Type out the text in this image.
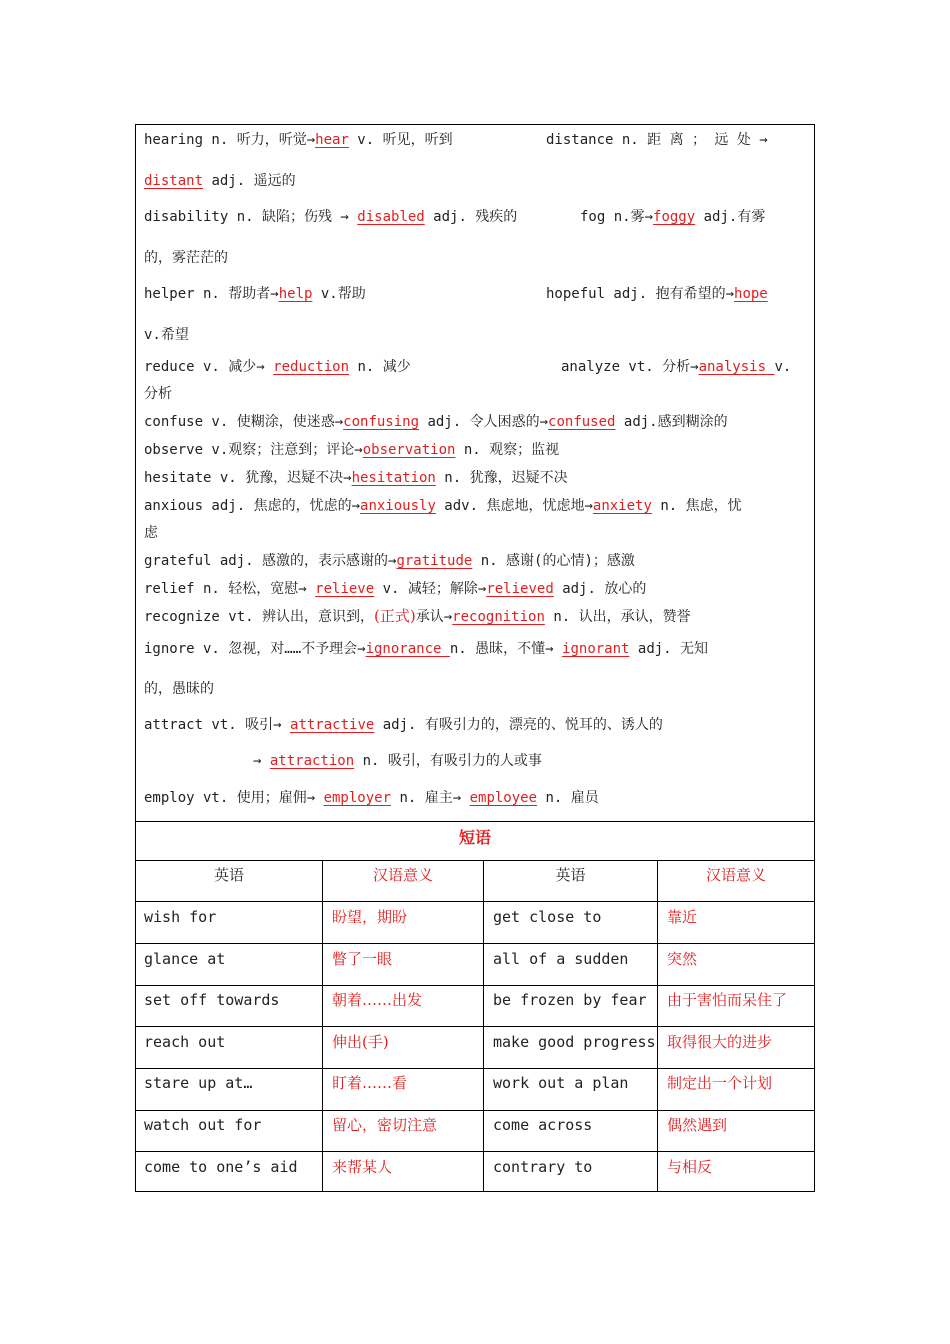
hearing n. 听力，听觉→hear v. 听见，听到	distance n. 距 离 ； 远 处 →
distant adj. 遥远的
disability n. 缺陷；伤残 → disabled adj. 残疾的	fog n.雾→foggy adj.有雾
的，雾茫茫的
helper n. 帮助者→help v.帮助	hopeful adj. 抱有希望的→hope
v.希望
reduce v. 减少→ reduction n. 减少	analyze vt. 分析→analysis v.
分析
confuse v. 使糊涂，使迷惑→confusing adj. 令人困惑的→confused adj.感到糊涂的
observe v.观察；注意到；评论→observation n. 观察；监视
hesitate v. 犹豫，迟疑不决→hesitation n. 犹豫，迟疑不决
anxious adj. 焦虑的，忧虑的→anxiously adv. 焦虑地，忧虑地→anxiety n. 焦虑，忧
虑
grateful adj. 感激的，表示感谢的→gratitude n. 感谢(的心情)；感激
relief n. 轻松，宽慰→ relieve v. 减轻；解除→relieved adj. 放心的
recognize vt. 辨认出，意识到，(正式)承认→recognition n. 认出，承认，赞誉
ignore v. 忽视，对……不予理会→ignorance n. 愚昧，不懂→ ignorant adj. 无知
的，愚昧的
attract vt. 吸引→ attractive adj. 有吸引力的，漂亮的、悦耳的、诱人的
→ attraction n. 吸引，有吸引力的人或事
employ vt. 使用；雇佣→ employer n. 雇主→ employee n. 雇员
短语
英语	汉语意义	英语	汉语意义
wish for	盼望，期盼	get close to	靠近
glance at	瞥了一眼	all of a sudden	突然
set off towards	朝着……出发	be frozen by fear 由于害怕而呆住了
reach out	伸出(手)	make good progress 取得很大的进步
stare up at…	盯着……看	work out a plan	制定出一个计划
watch out for	留心，密切注意	come across	偶然遇到
come to one’s aid 来帮某人	contrary to	与相反
